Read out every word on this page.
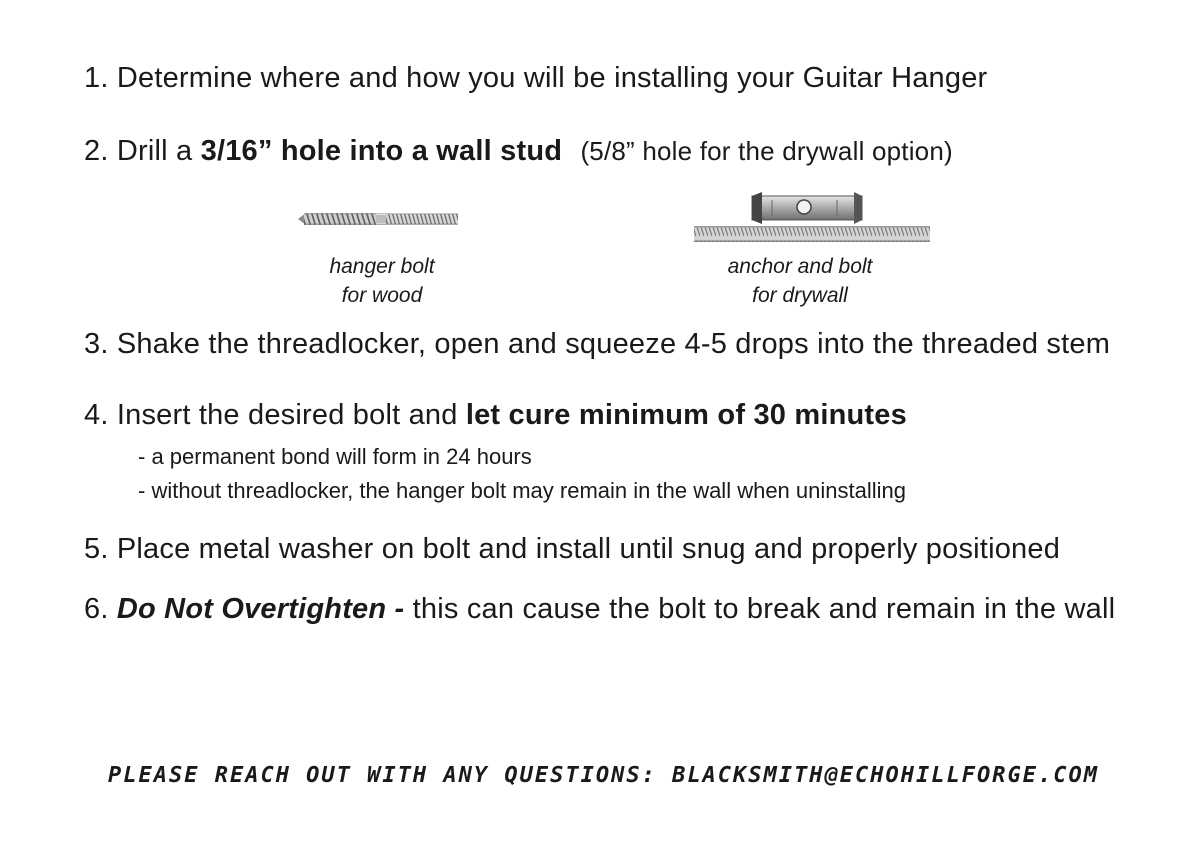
1. Determine where and how you will be installing your Guitar Hanger
2. Drill a 3/16” hole into a wall stud (5/8” hole for the drywall option)
hanger bolt
for wood
anchor and bolt
for drywall
3. Shake the threadlocker, open and squeeze 4-5 drops into the threaded stem
4. Insert the desired bolt and let cure minimum of 30 minutes
- a permanent bond will form in 24 hours
- without threadlocker, the hanger bolt may remain in the wall when uninstalling
5. Place metal washer on bolt and install until snug and properly positioned
6. Do Not Overtighten - this can cause the bolt to break and remain in the wall
PLEASE REACH OUT WITH ANY QUESTIONS: BLACKSMITH@ECHOHILLFORGE.COM
